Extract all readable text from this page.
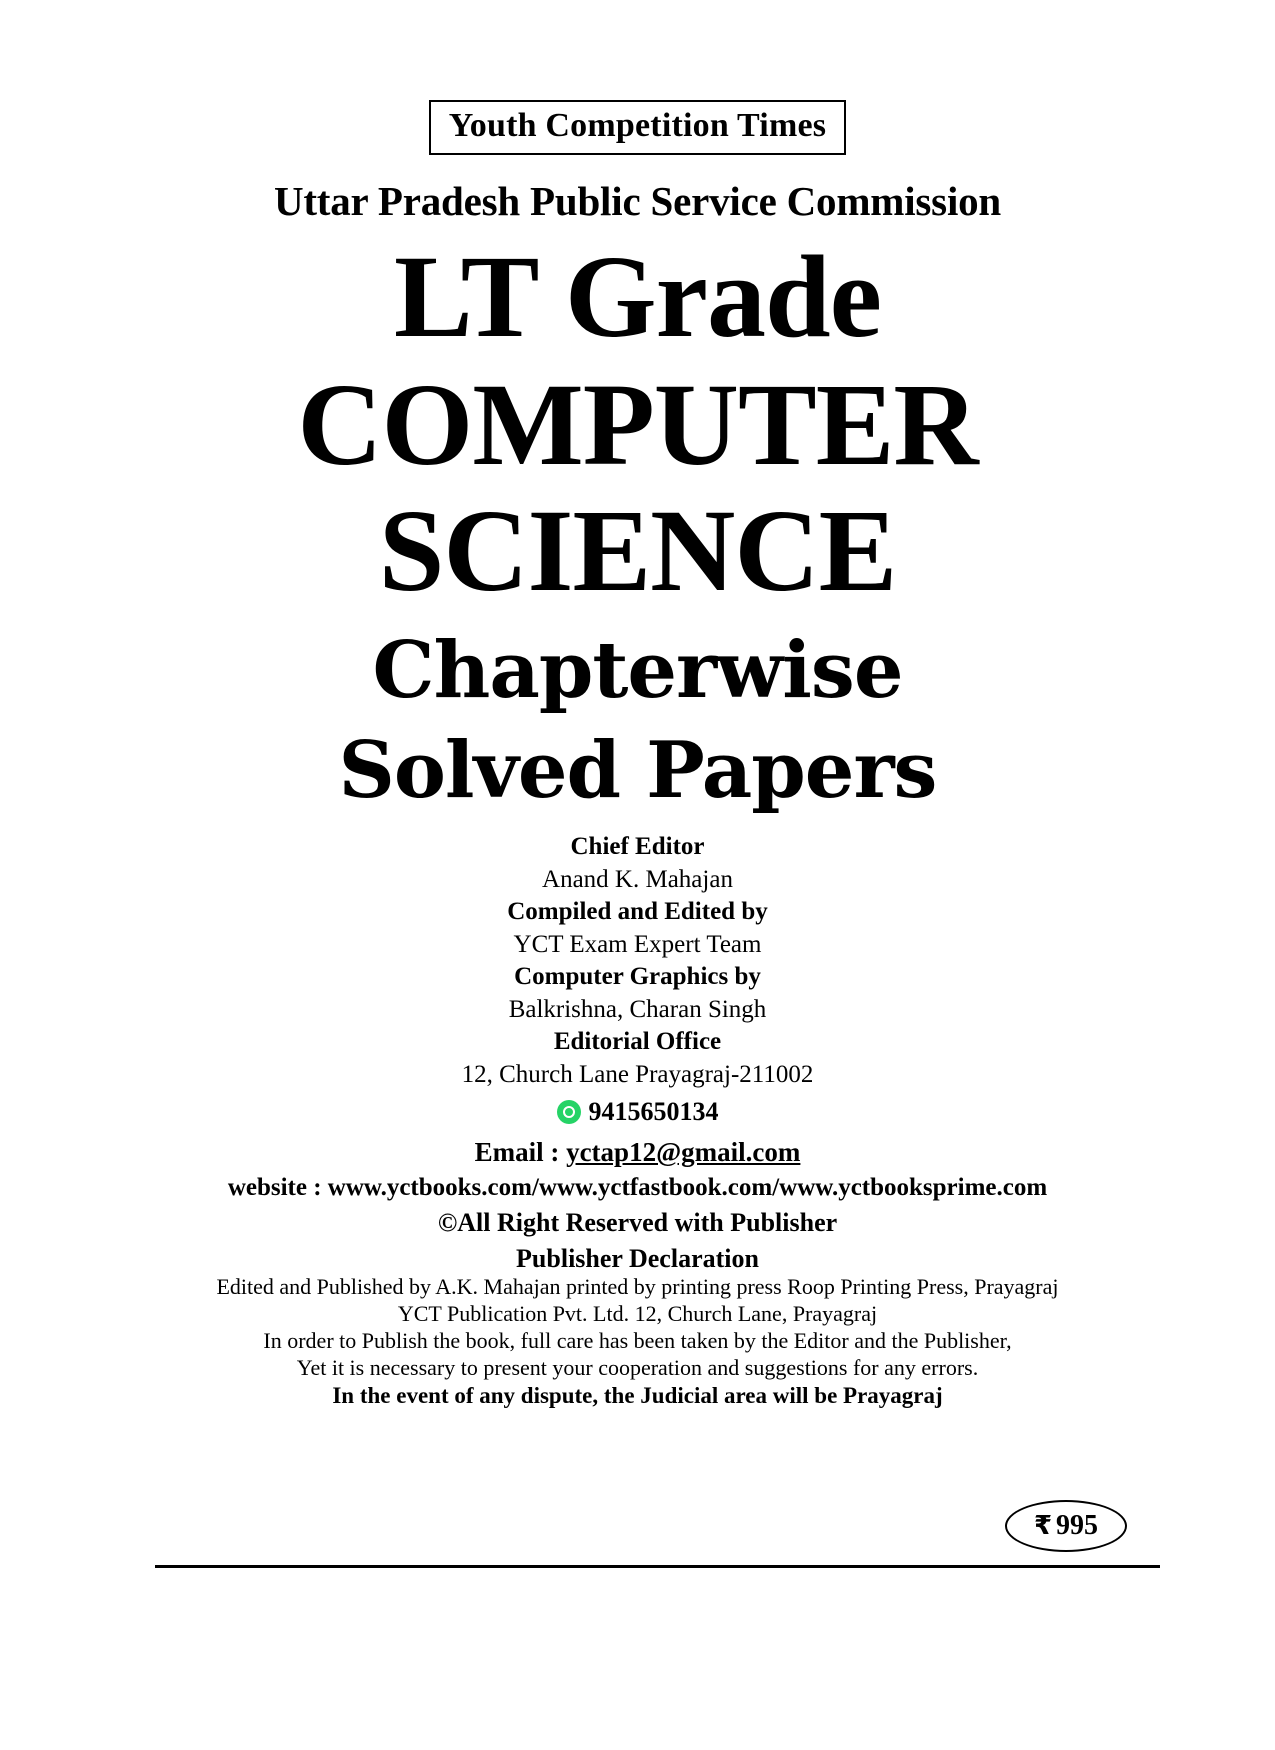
Youth Competition Times
Uttar Pradesh Public Service Commission
LT Grade
COMPUTER
SCIENCE
Chapterwise
Solved Papers
Chief Editor
Anand K. Mahajan
Compiled and Edited by
YCT Exam Expert Team
Computer Graphics by
Balkrishna, Charan Singh
Editorial Office
12, Church Lane Prayagraj-211002
9415650134
Email : yctap12@gmail.com
website : www.yctbooks.com/www.yctfastbook.com/www.yctbooksprime.com
©All Right Reserved with Publisher
Publisher Declaration
Edited and Published by A.K. Mahajan printed by printing press Roop Printing Press, Prayagraj
YCT Publication Pvt. Ltd. 12, Church Lane, Prayagraj
In order to Publish the book, full care has been taken by the Editor and the Publisher,
Yet it is necessary to present your cooperation and suggestions for any errors.
In the event of any dispute, the Judicial area will be Prayagraj
₹ 995
